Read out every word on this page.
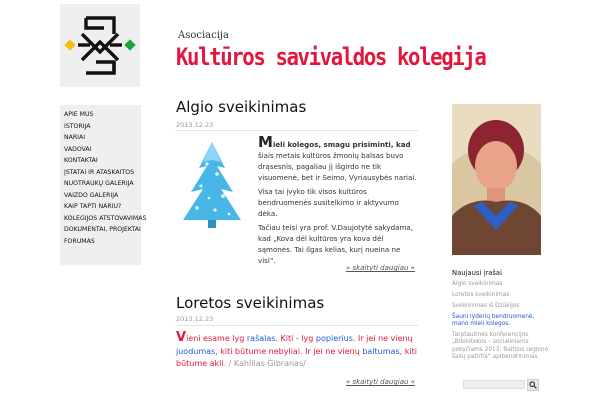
Asociacija
Kultūros savivaldos kolegija
APIE MUS
ISTORIJA
NARIAI
VADOVAI
KONTAKTAI
ĮSTATAI IR ATASKAITOS
NUOTRAUKŲ GALERIJA
VAIZDO GALERIJA
KAIP TAPTI NARIU?
KOLEGIJOS ATSTOVAVIMAS
DOKUMENTAI, PROJEKTAI
FORUMAS
Algio sveikinimas
2013.12.23

Mieli kolegos, smagu prisiminti, kad šiais metais kultūros žmonių balsas buvo drąsesnis, pagaliau jį išgirdo ne tik visuomenė, bet ir Seimo, Vyriausybės nariai.

Visa tai įvyko tik visos kultūros bendruomenės susitelkimo ir aktyvumo dėka.

Tačiau teisi yra prof. V.Daujotytė sakydama, kad „Kova dėl kultūros yra kova dėl sąmonės. Tai ilgas kelias, kurį nueina ne visi“.

» skaityti daugiau «
Loretos sveikinimas
2013.12.23
Vieni esame lyg rašalas. Kiti - lyg popierius. Ir jei ne vienų juodumas, kiti būtume nebyliai. Ir jei ne vienų baltumas, kiti būtume akli. / Kahlilas Gibranas/
» skaityti daugiau «
Naujausi įrašai
Algio sveikinimas
Loretos sveikinimas
Sveikinimas iš Dzūkijos
Šauni lyderių bendruomenė, mano mieli kolegos,
Tarptautinės konferencijos „Bibliotekos – socialiniams pokyčiams 2013: Baltijos regiono šalių patirtis“ apibendrinimas
